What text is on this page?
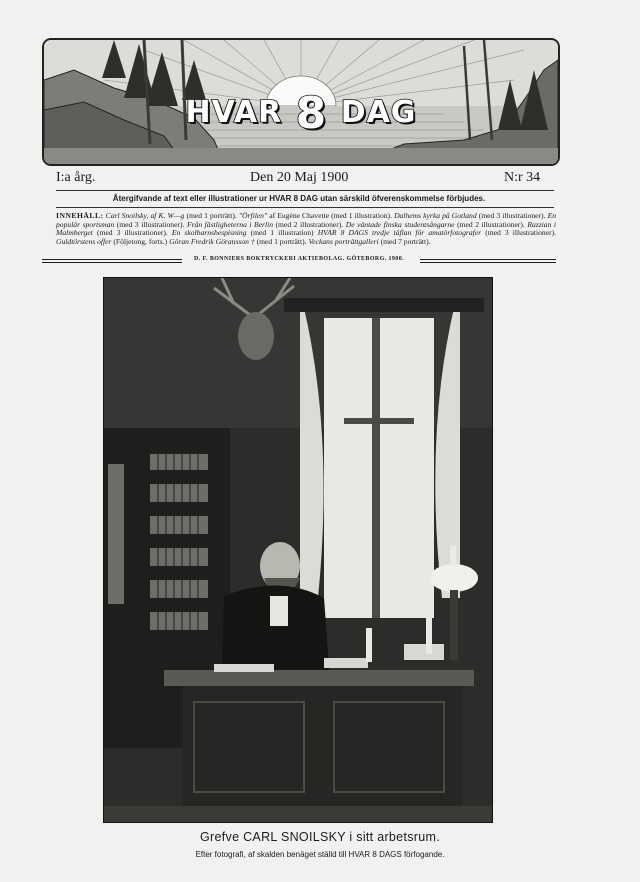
HVAR 8 DAG
I:a årg.	Den 20 Maj 1900	N:r 34
Återgifvande af text eller illustrationer ur HVAR 8 DAG utan särskild öfverenskommelse förbjudes.
INNEHÅLL: Carl Snoilsky, af K. W—g (med 1 porträtt). "Örfilen" af Eugène Chavette (med 1 illustration). Dalhems kyrka på Gotland (med 3 illustrationer). En populär sportsman (med 3 illustrationer). Från fästligheterna i Berlin (med 2 illustrationer). De väntade finska studentsångarne (med 2 illustrationer). Razzian i Malmberget (med 3 illustrationer). En skolbarnsbespisning (med 1 illustration) HVAR 8 DAGS tredje täflan för amatörfotografer (med 3 illustrationer). Guldtörstens offer (Följetong, forts.) Göran Fredrik Göransson † (med 1 porträtt). Veckans porträttgalleri (med 7 porträtt).
D. F. BONNIERS BOKTRYCKERI AKTIEBOLAG. GÖTEBORG. 1900.
Grefve CARL SNOILSKY i sitt arbetsrum.
Efter fotografi, af skalden benäget ställd till HVAR 8 DAGS förfogande.
